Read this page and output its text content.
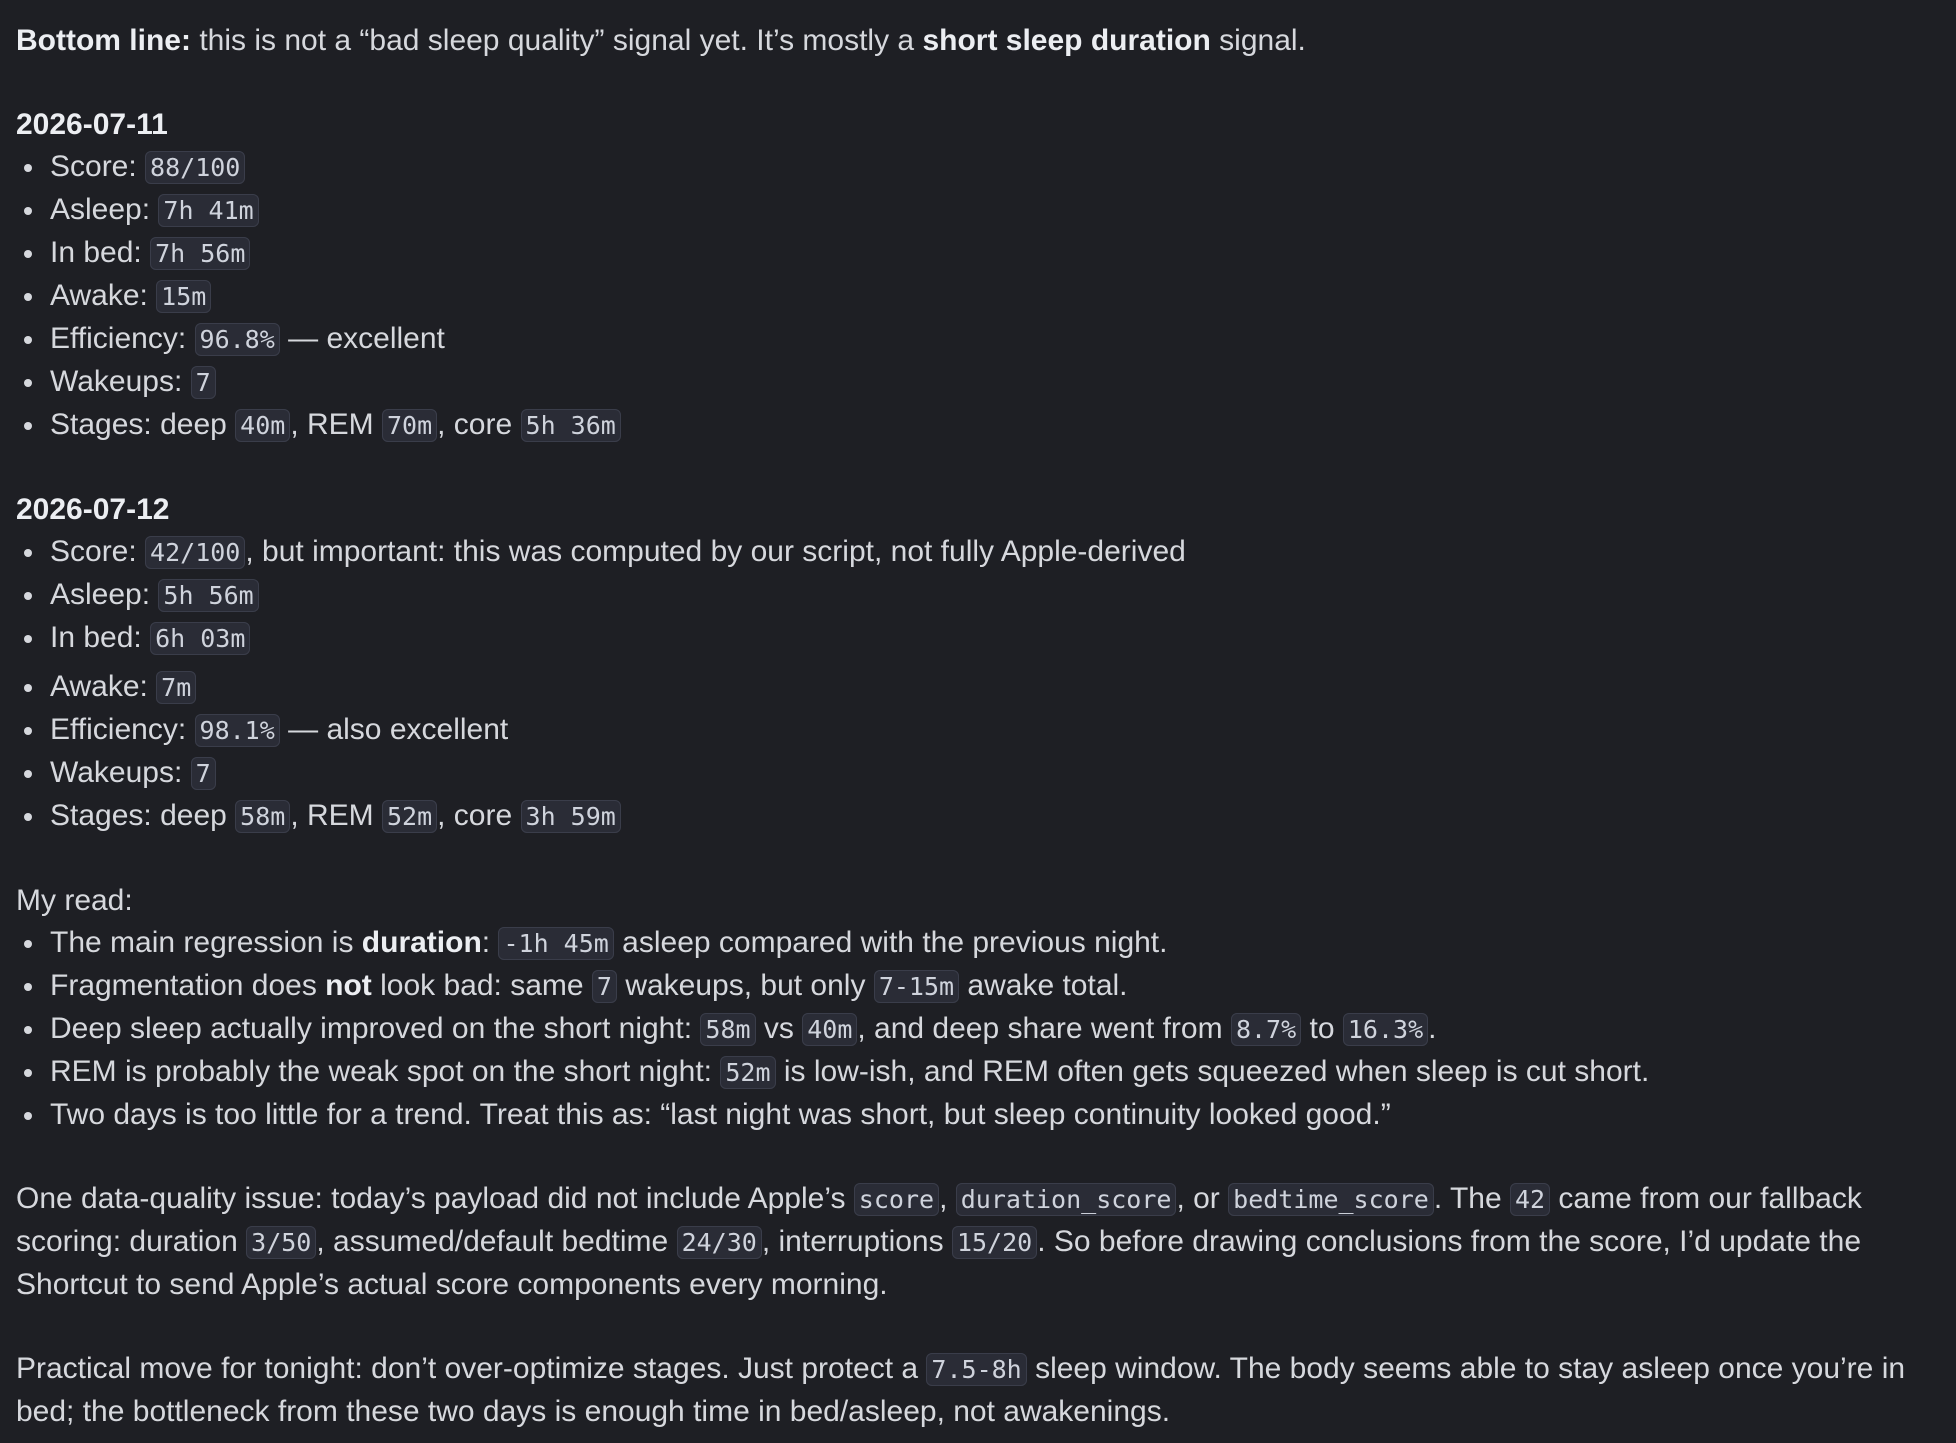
Bottom line: this is not a “bad sleep quality” signal yet. It’s mostly a short sleep duration signal.

2026-07-11

Score: 88/100
Asleep: 7h 41m
In bed: 7h 56m
Awake: 15m
Efficiency: 96.8% — excellent
Wakeups: 7
Stages: deep 40m , REM 70m , core 5h 36m

2026-07-12

Score: 42/100 , but important: this was computed by our script, not fully Apple-derived
Asleep: 5h 56m
In bed: 6h 03m
Awake: 7m
Efficiency: 98.1% — also excellent
Wakeups: 7
Stages: deep 58m , REM 52m , core 3h 59m

My read:

The main regression is duration: -1h 45m asleep compared with the previous night.
Fragmentation does not look bad: same 7 wakeups, but only 7-15m awake total.
Deep sleep actually improved on the short night: 58m vs 40m , and deep share went from 8.7% to 16.3% .
REM is probably the weak spot on the short night: 52m is low-ish, and REM often gets squeezed when sleep is cut short.
Two days is too little for a trend. Treat this as: “last night was short, but sleep continuity looked good.”

One data-quality issue: today’s payload did not include Apple’s score , duration_score , or bedtime_score . The 42 came from our fallback scoring: duration 3/50 , assumed/default bedtime 24/30 , interruptions 15/20 . So before drawing conclusions from the score, I’d update the Shortcut to send Apple’s actual score components every morning.

Practical move for tonight: don’t over-optimize stages. Just protect a 7.5-8h sleep window. The body seems able to stay asleep once you’re in bed; the bottleneck from these two days is enough time in bed/asleep, not awakenings.
